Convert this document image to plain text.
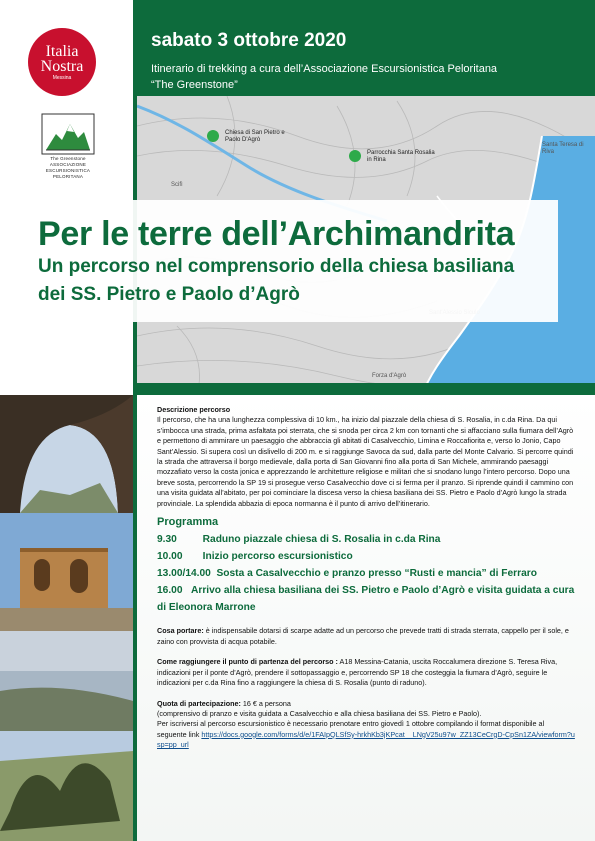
Italia
Nostra
Messina
The Greenstone
ASSOCIAZIONE
ESCURSIONISTICA
PELORITANA
sabato 3 ottobre 2020
Itinerario di trekking a cura dell’Associazione Escursionistica Peloritana
“The Greenstone”
Chiesa di San Pietro e Paolo D'Agrò
Parrocchia Santa Rosalia in Rina
Santa Teresa di Riva
Forza d'Agrò
Scifì
Per le terre dell’Archimandrita
Un percorso nel comprensorio della chiesa basiliana
dei SS. Pietro e Paolo d’Agrò
Descrizione percorso
Il percorso, che ha una lunghezza complessiva di 10 km., ha inizio dal piazzale della chiesa di S. Rosalia, in c.da Rina. Da qui s’imbocca una strada, prima asfaltata poi sterrata, che si snoda per circa 2 km con tornanti che si affacciano sulla fiumara dell’Agrò e permettono di ammirare un paesaggio che abbraccia gli abitati di Casalvecchio, Limina e Roccafiorita e, verso lo Jonio, Capo Sant’Alessio. Si supera così un dislivello di 200 m. e si raggiunge Savoca da sud, dalla parte del Monte Calvario. Si percorre quindi la strada che attraversa il borgo medievale, dalla porta di San Giovanni fino alla porta di San Michele, ammirando paesaggi mozzafiato verso la costa jonica e apprezzando le architetture religiose e militari che si snodano lungo l’intero percorso. Dopo una breve sosta, percorrendo la SP 19 si prosegue verso Casalvecchio dove ci si ferma per il pranzo. Si riprende quindi il cammino con una visita guidata all’abitato, per poi cominciare la discesa verso la chiesa basiliana dei SS. Pietro e Paolo d’Agrò lungo la strada provinciale. La splendida abbazia di epoca normanna è il punto di arrivo dell’itinerario.
Programma
9.30
	Raduno piazzale chiesa di S. Rosalia in c.da Rina
10.00
	Inizio percorso escursionistico
13.00/14.00
Sosta a Casalvecchio e pranzo presso “Rusti e mancia” di Ferraro
16.00 Arrivo alla chiesa basiliana dei SS. Pietro e Paolo d’Agrò e visita guidata a cura di Eleonora Marrone
Cosa portare: è indispensabile dotarsi di scarpe adatte ad un percorso che prevede tratti di strada sterrata, cappello per il sole, e zaino con provvista di acqua potabile.
Come raggiungere il punto di partenza del percorso : A18 Messina-Catania, uscita Roccalumera direzione S. Teresa Riva, indicazioni per il ponte d’Agrò, prendere il sottopassaggio e, percorrendo SP 18 che costeggia la fiumara d’Agrò, seguire le indicazioni per c.da Rina fino a raggiungere la chiesa di S. Rosalia (punto di raduno).
Quota di partecipazione: 16 € a persona
(comprensivo di pranzo e visita guidata a Casalvecchio e alla chiesa basiliana dei SS. Pietro e Paolo).
Per iscriversi al percorso escursionistico è necessario prenotare entro giovedì 1 ottobre compilando il format disponibile al seguente link https://docs.google.com/forms/d/e/1FAIpQLSfSy-hrkhKb3jKPcat__LNgV25u97w_ZZ13CeCrgD-CpSn1ZA/viewform?usp=pp_url
